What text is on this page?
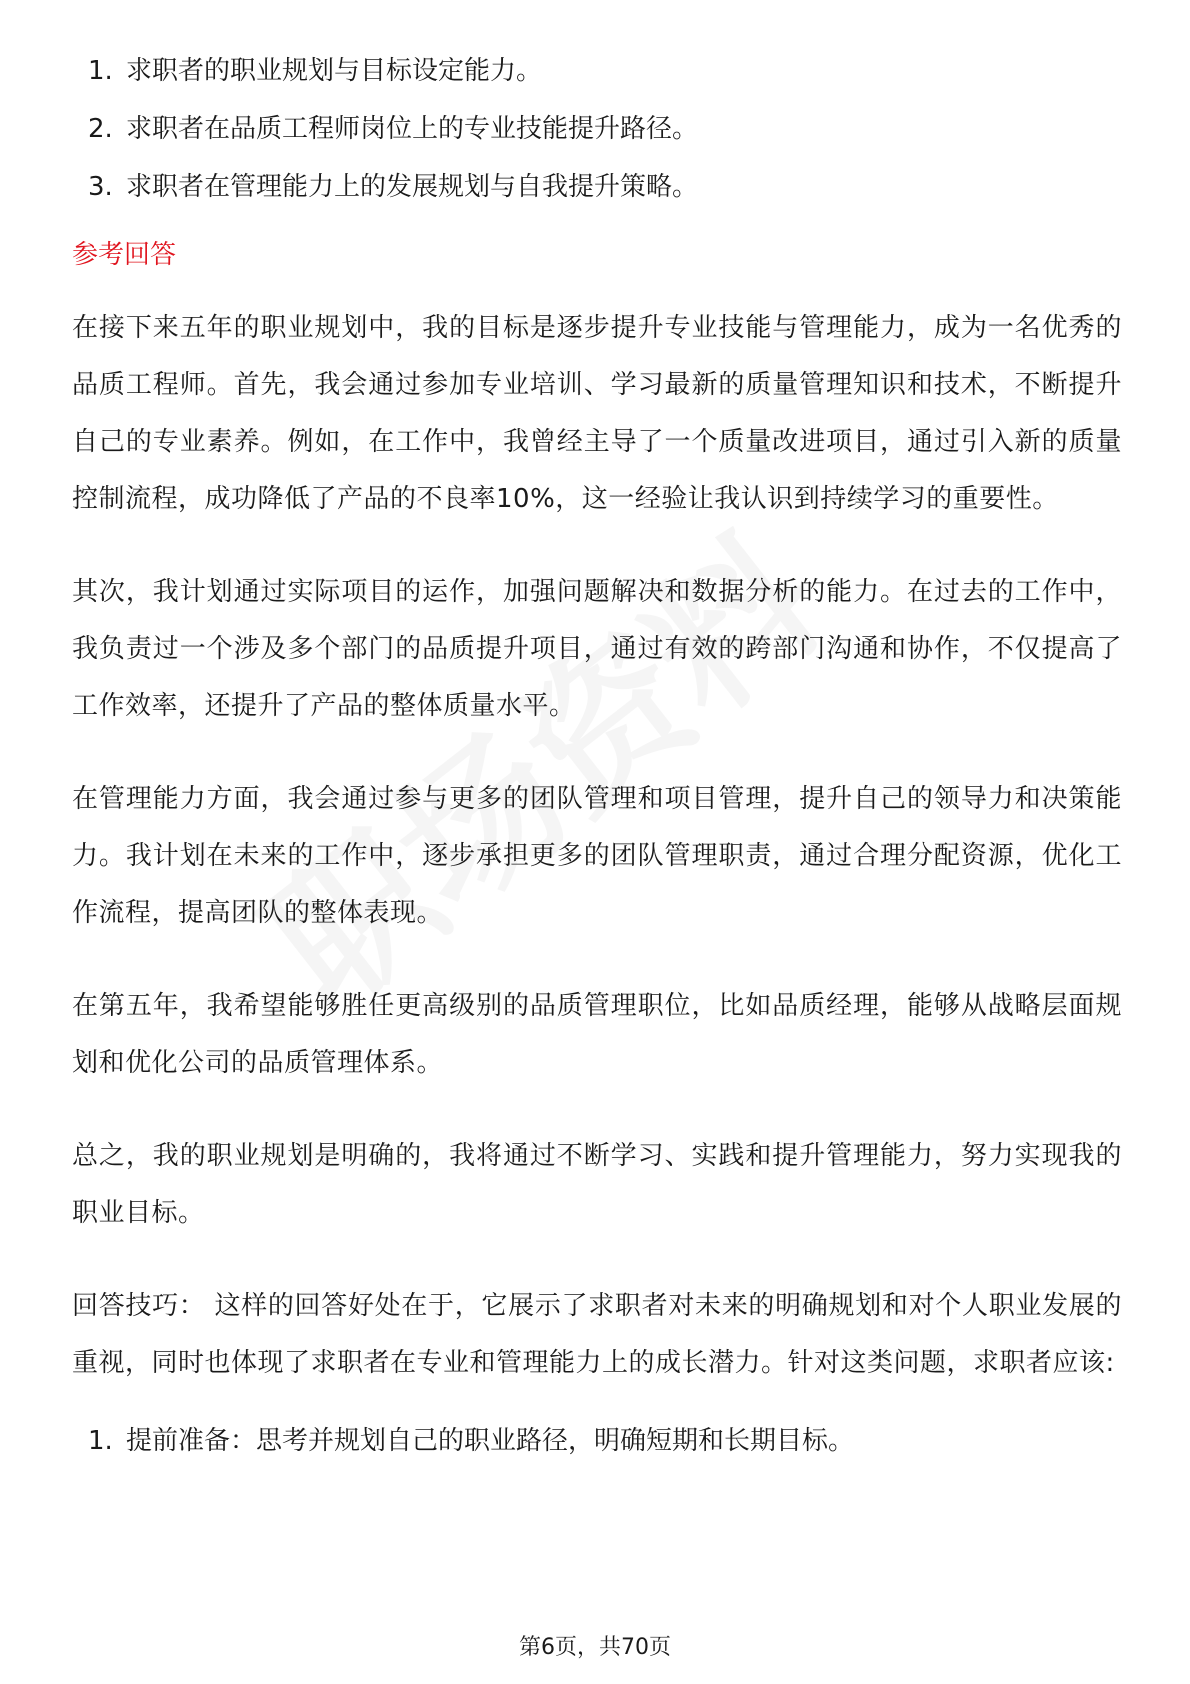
1. 求职者的职业规划与目标设定能力。
2. 求职者在品质工程师岗位上的专业技能提升路径。
3. 求职者在管理能力上的发展规划与自我提升策略。
参考回答

在接下来五年的职业规划中，我的目标是逐步提升专业技能与管理能力，成为一名优秀的品质工程师。首先，我会通过参加专业培训、学习最新的质量管理知识和技术，不断提升自己的专业素养。例如，在工作中，我曾经主导了一个质量改进项目，通过引入新的质量控制流程，成功降低了产品的不良率10%，这一经验让我认识到持续学习的重要性。

其次，我计划通过实际项目的运作，加强问题解决和数据分析的能力。在过去的工作中，我负责过一个涉及多个部门的品质提升项目，通过有效的跨部门沟通和协作，不仅提高了工作效率，还提升了产品的整体质量水平。

在管理能力方面，我会通过参与更多的团队管理和项目管理，提升自己的领导力和决策能力。我计划在未来的工作中，逐步承担更多的团队管理职责，通过合理分配资源，优化工作流程，提高团队的整体表现。

在第五年，我希望能够胜任更高级别的品质管理职位，比如品质经理，能够从战略层面规划和优化公司的品质管理体系。

总之，我的职业规划是明确的，我将通过不断学习、实践和提升管理能力，努力实现我的职业目标。

回答技巧： 这样的回答好处在于，它展示了求职者对未来的明确规划和对个人职业发展的重视，同时也体现了求职者在专业和管理能力上的成长潜力。针对这类问题，求职者应该:

1. 提前准备：思考并规划自己的职业路径，明确短期和长期目标。
第6页，共70页
